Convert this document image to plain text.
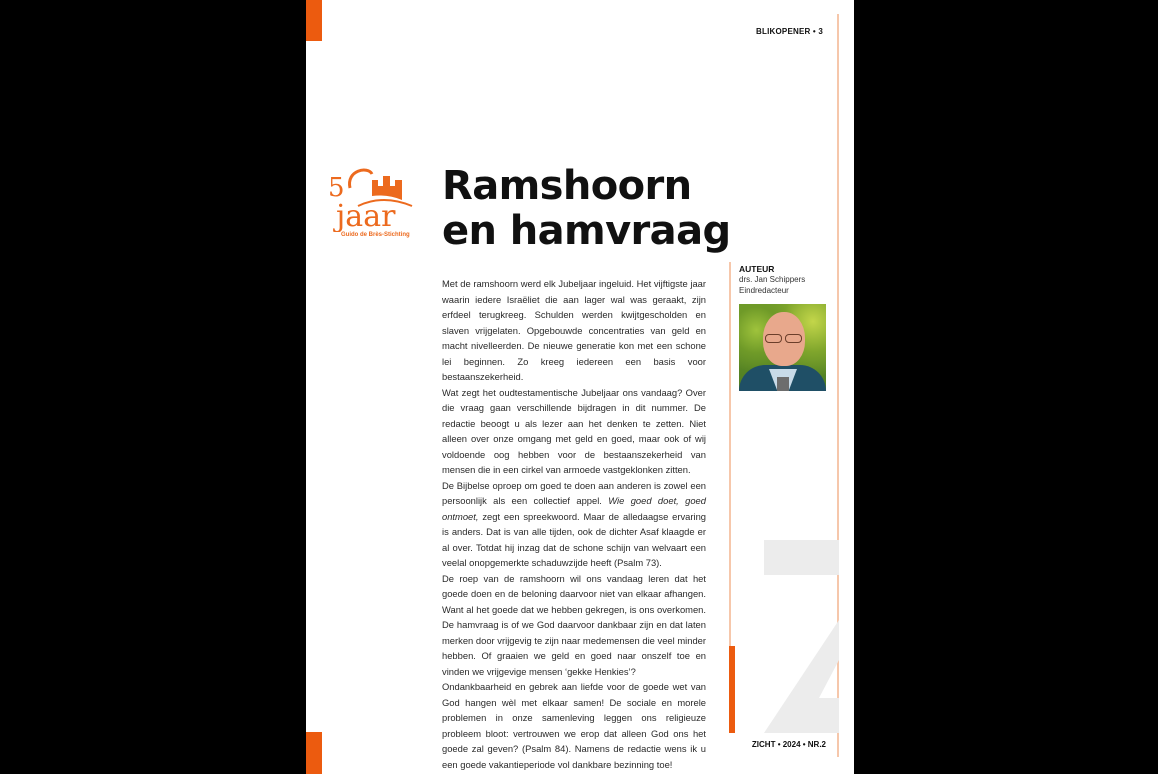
BLIKOPENER • 3
5
jaar
Guido de Brès-Stichting
Ramshoorn
en hamvraag

Met de ramshoorn werd elk Jubeljaar ingeluid. Het vijftigste jaar waarin iedere Israëliet die aan lager wal was geraakt, zijn erfdeel terugkreeg. Schulden werden kwijtgescholden en slaven vrijgelaten. Opgebouwde concentraties van geld en macht nivelleerden. De nieuwe generatie kon met een schone lei beginnen. Zo kreeg iedereen een basis voor bestaanszekerheid.

Wat zegt het oudtestamentische Jubeljaar ons vandaag? Over die vraag gaan verschillende bijdragen in dit nummer. De redactie beoogt u als lezer aan het denken te zetten. Niet alleen over onze omgang met geld en goed, maar ook of wij voldoende oog hebben voor de bestaanszekerheid van mensen die in een cirkel van armoede vastgeklonken zitten.

De Bijbelse oproep om goed te doen aan anderen is zowel een persoonlijk als een collectief appel. Wie goed doet, goed ontmoet, zegt een spreekwoord. Maar de alledaagse ervaring is anders. Dat is van alle tijden, ook de dichter Asaf klaagde er al over. Totdat hij inzag dat de schone schijn van welvaart een veelal onopgemerkte schaduwzijde heeft (Psalm 73).

De roep van de ramshoorn wil ons vandaag leren dat het goede doen en de beloning daarvoor niet van elkaar afhangen. Want al het goede dat we hebben gekregen, is ons overkomen. De hamvraag is of we God daarvoor dankbaar zijn en dat laten merken door vrijgevig te zijn naar medemensen die veel minder hebben. Of graaien we geld en goed naar onszelf toe en vinden we vrijgevige mensen ‘gekke Henkies’?

Ondankbaarheid en gebrek aan liefde voor de goede wet van God hangen wèl met elkaar samen! De sociale en morele problemen in onze samenleving leggen ons religieuze probleem bloot: vertrouwen we erop dat alleen God ons het goede zal geven? (Psalm 84). Namens de redactie wens ik u een goede vakantieperiode vol dankbare bezinning toe!

AUTEUR
drs. Jan Schippers
Eindredacteur
ZICHT • 2024 • NR.2
